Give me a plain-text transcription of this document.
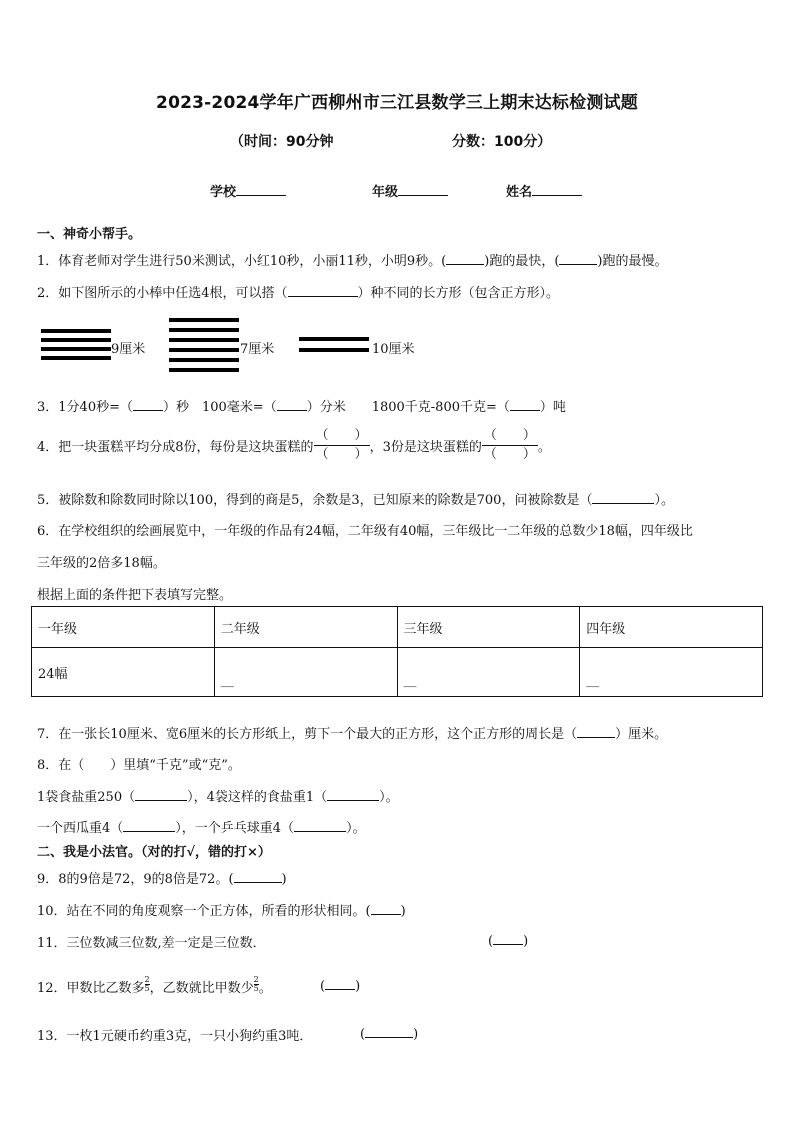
2023-2024学年广西柳州市三江县数学三上期末达标检测试题
（时间：90分钟	分数：100分）
学校	年级	姓名
一、神奇小帮手。
1．体育老师对学生进行50米测试，小红10秒，小丽11秒，小明9秒。(	)跑的最快，(	)跑的最慢。
2．如下图所示的小棒中任选4根，可以搭（	）种不同的长方形（包含正方形）。
9厘米	7厘米	10厘米
3．1分40秒=（ ）秒　100毫米=（ ）分米　　1800千克-800千克=（ ）吨
4．把一块蛋糕平均分成8份，每份是这块蛋糕的 $\frac{( )}{( )}$ ，3份是这块蛋糕的 $\frac{( )}{( )}$ 。
5．被除数和除数同时除以100，得到的商是5，余数是3，已知原来的除数是700，问被除数是（	）。
6．在学校组织的绘画展览中，一年级的作品有24幅，二年级有40幅，三年级比一二年级的总数少18幅，四年级比
三年级的2倍多18幅。
根据上面的条件把下表填写完整。
一年级	二年级	三年级	四年级
24幅	__	__	__
7．在一张长10厘米、宽6厘米的长方形纸上，剪下一个最大的正方形，这个正方形的周长是（	）厘米。
8．在（　　）里填“千克”或“克”。
1袋食盐重250（	），4袋这样的食盐重1（	）。
一个西瓜重4（	），一个乒乓球重4（	）。
二、我是小法官。（对的打√，错的打×）
9．8的9倍是72，9的8倍是72。(	)
10．站在不同的角度观察一个正方体，所看的形状相同。( )
11．三位数减三位数,差一定是三位数．	( )
12．甲数比乙数多 $\frac{2}{5}$ ，乙数就比甲数少 $\frac{2}{5}$ 。	( )
13．一枚1元硬币约重3克，一只小狗约重3吨．	(	)
